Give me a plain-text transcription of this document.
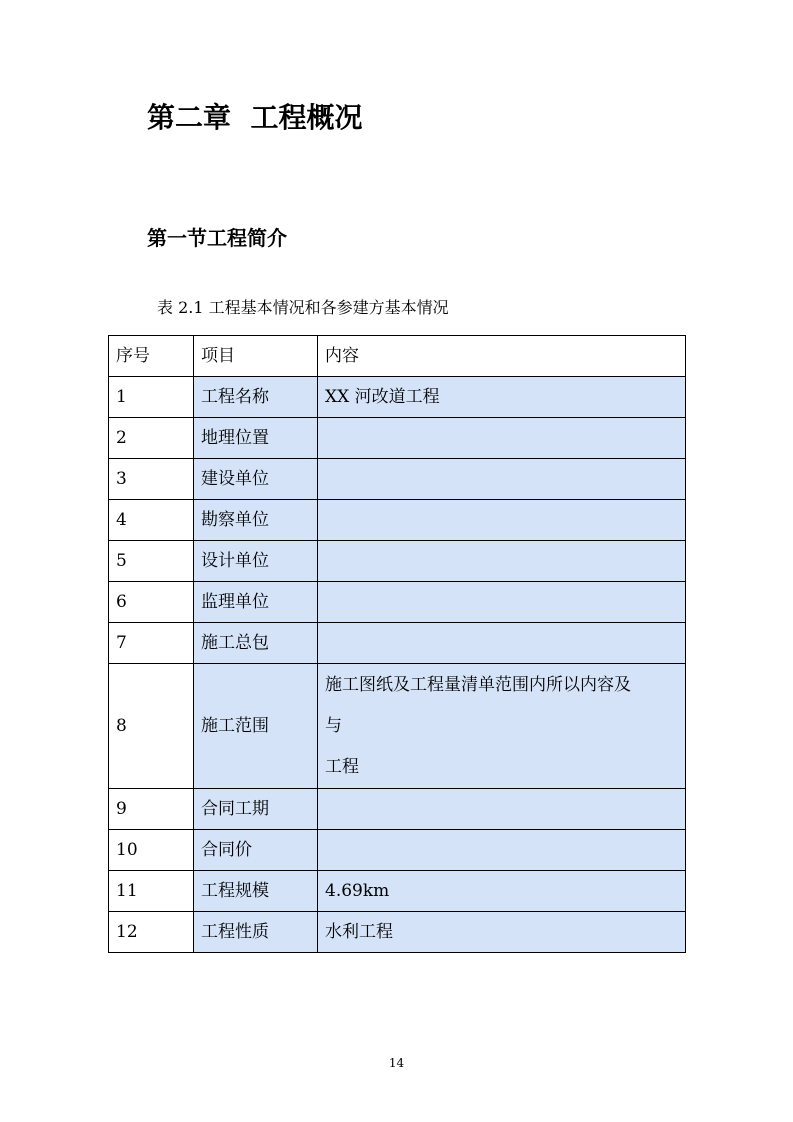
第二章  工程概况
第一节工程简介

表 2.1 工程基本情况和各参建方基本情况

序号	项目	内容
1	工程名称	XX 河改道工程
2	地理位置	
3	建设单位	
4	勘察单位	
5	设计单位	
6	监理单位	
7	施工总包	
8	施工范围	施工图纸及工程量清单范围内所以内容及
与
工程

9	合同工期	
10	合同价	
11	工程规模	4.69km
12	工程性质	水利工程
14
